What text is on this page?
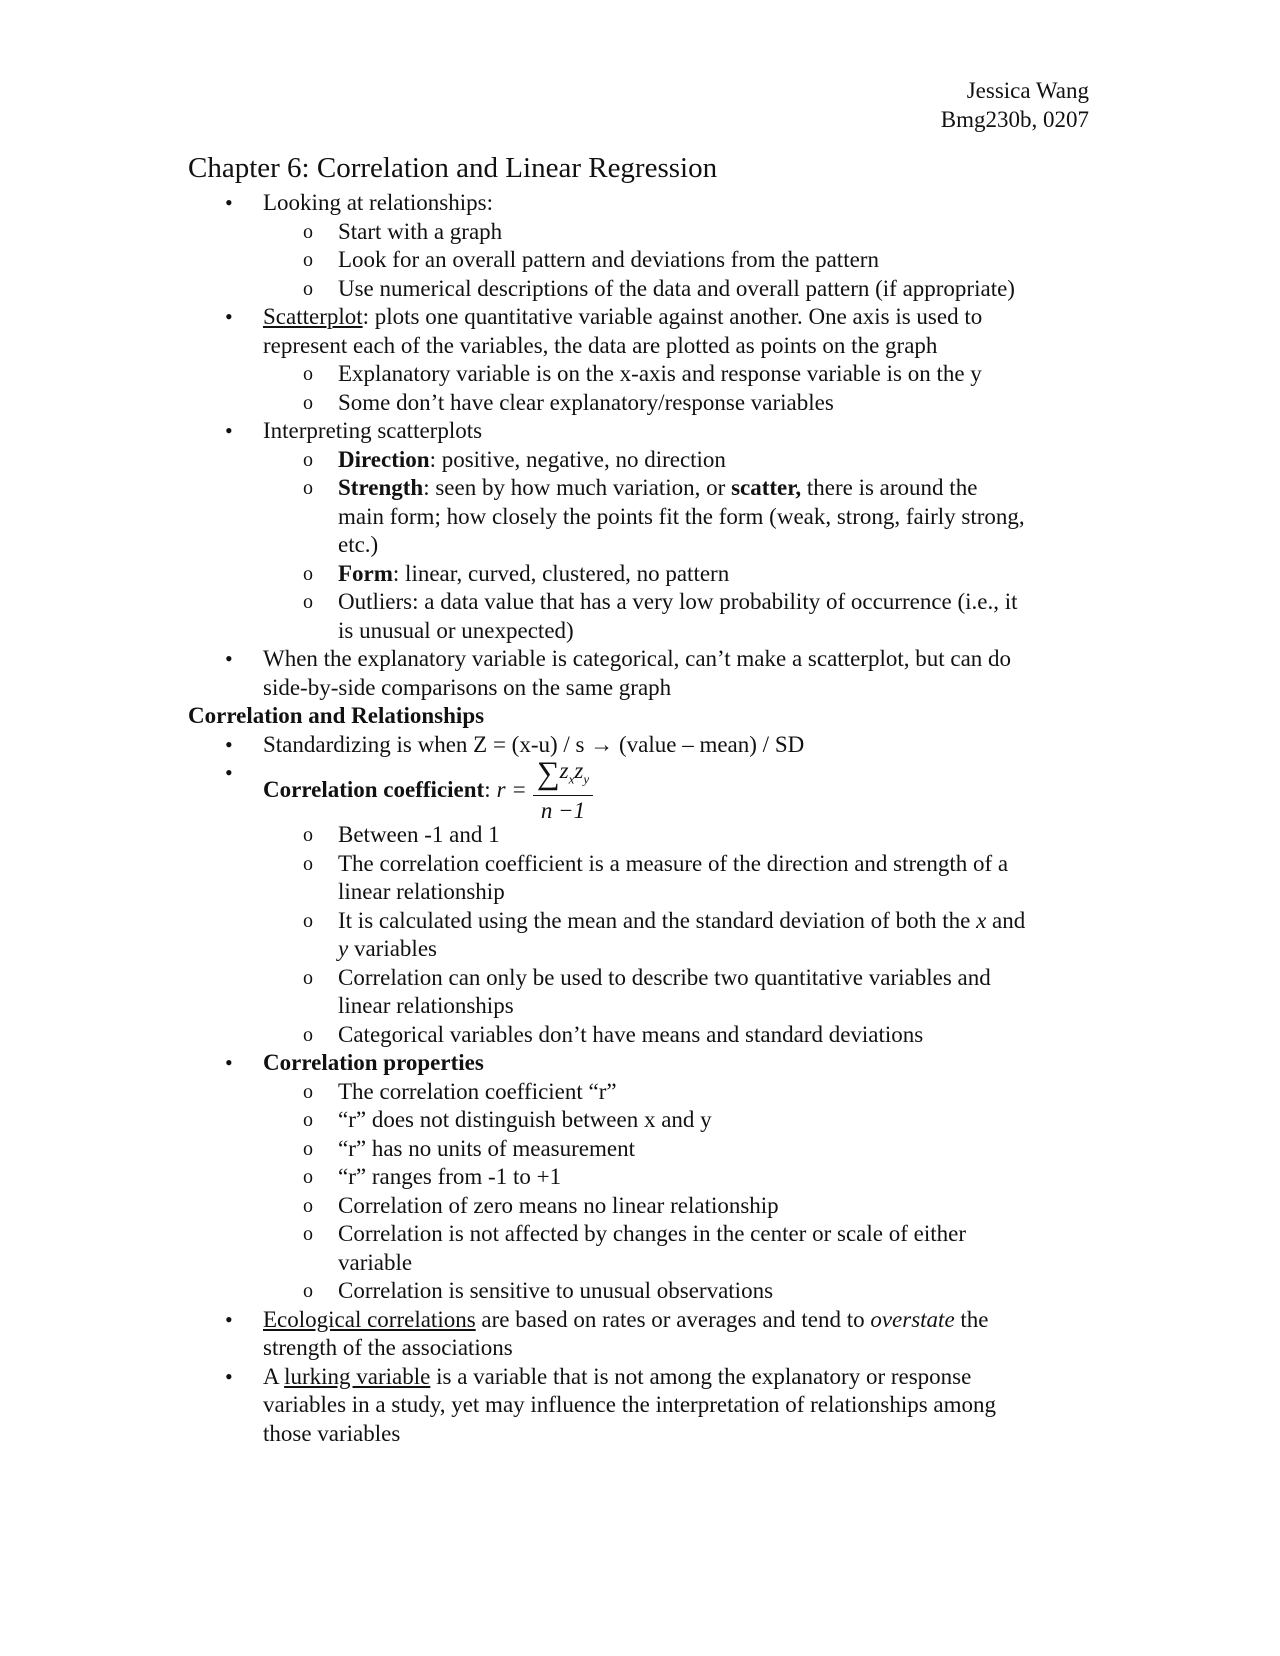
Jessica Wang
Bmg230b, 0207
Chapter 6: Correlation and Linear Regression

• Looking at relationships:

o Start with a graph

o Look for an overall pattern and deviations from the pattern

o Use numerical descriptions of the data and overall pattern (if appropriate)

• Scatterplot: plots one quantitative variable against another. One axis is used to
represent each of the variables, the data are plotted as points on the graph

o Explanatory variable is on the x-axis and response variable is on the y

o Some don’t have clear explanatory/response variables

• Interpreting scatterplots

o Direction: positive, negative, no direction

o Strength: seen by how much variation, or scatter, there is around the
main form; how closely the points fit the form (weak, strong, fairly strong,
etc.)

o Form: linear, curved, clustered, no pattern

o Outliers: a data value that has a very low probability of occurrence (i.e., it
is unusual or unexpected)

• When the explanatory variable is categorical, can’t make a scatterplot, but can do
side-by-side comparisons on the same graph

Correlation and Relationships

• Standardizing is when Z = (x-u) / s → (value – mean) / SD

• Correlation coefficient : $r = \frac{\sum z_xz_y}{n -1}$

o Between -1 and 1

o The correlation coefficient is a measure of the direction and strength of a
linear relationship

o It is calculated using the mean and the standard deviation of both the x and
y variables

o Correlation can only be used to describe two quantitative variables and
linear relationships

o Categorical variables don’t have means and standard deviations

• Correlation properties

o The correlation coefficient “r”

o “r” does not distinguish between x and y

o “r” has no units of measurement

o “r” ranges from -1 to +1

o Correlation of zero means no linear relationship

o Correlation is not affected by changes in the center or scale of either
variable

o Correlation is sensitive to unusual observations

• Ecological correlations are based on rates or averages and tend to overstate the
strength of the associations

• A lurking variable is a variable that is not among the explanatory or response
variables in a study, yet may influence the interpretation of relationships among
those variables
